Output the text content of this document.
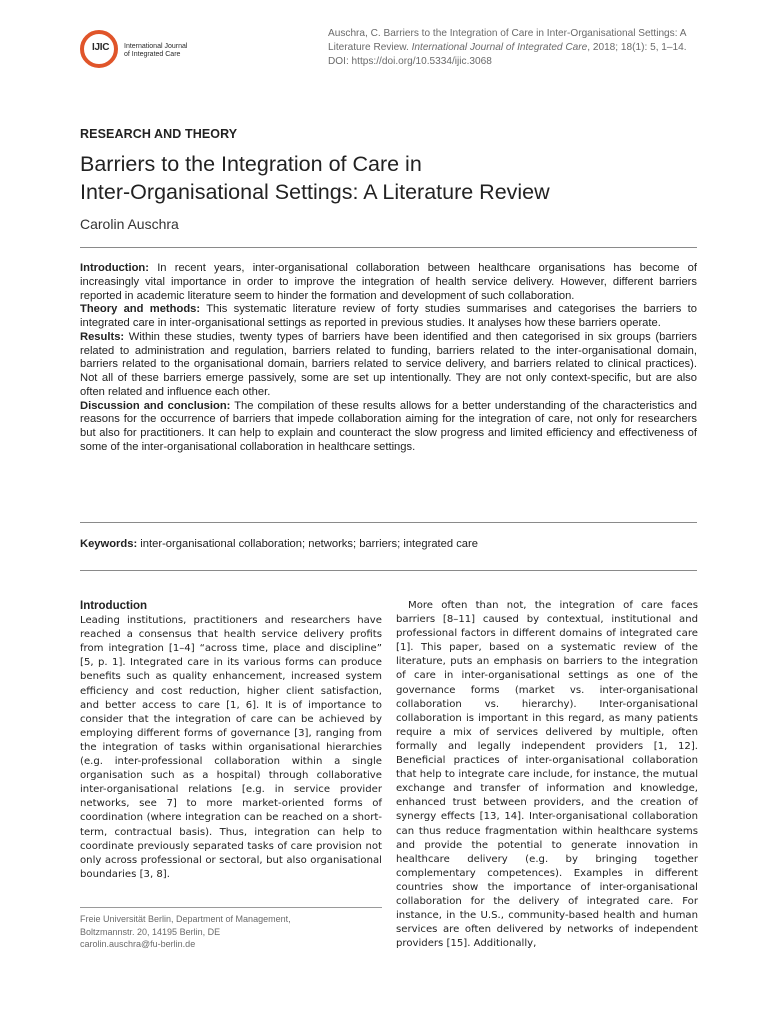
IJIC International Journal
of Integrated Care
Auschra, C. Barriers to the Integration of Care in Inter-Organisational Settings: A Literature Review. International Journal of Integrated Care, 2018; 18(1): 5, 1–14. DOI: https://doi.org/10.5334/ijic.3068
RESEARCH AND THEORY
Barriers to the Integration of Care in
Inter-Organisational Settings: A Literature Review
Carolin Auschra

Introduction: In recent years, inter-organisational collaboration between healthcare organisations has become of increasingly vital importance in order to improve the integration of health service delivery. However, different barriers reported in academic literature seem to hinder the formation and development of such collaboration.

Theory and methods: This systematic literature review of forty studies summarises and categorises the barriers to integrated care in inter-organisational settings as reported in previous studies. It analyses how these barriers operate.

Results: Within these studies, twenty types of barriers have been identified and then categorised in six groups (barriers related to administration and regulation, barriers related to funding, barriers related to the inter-organisational domain, barriers related to the organisational domain, barriers related to service delivery, and barriers related to clinical practices). Not all of these barriers emerge passively, some are set up intentionally. They are not only context-specific, but are also often related and influence each other.

Discussion and conclusion: The compilation of these results allows for a better understanding of the characteristics and reasons for the occurrence of barriers that impede collaboration aiming for the integration of care, not only for researchers but also for practitioners. It can help to explain and counteract the slow progress and limited efficiency and effectiveness of some of the inter-organisational collaboration in healthcare settings.

Keywords: inter-organisational collaboration; networks; barriers; integrated care
Introduction

Leading institutions, practitioners and researchers have reached a consensus that health service delivery profits from integration [1–4] “across time, place and discipline” [5, p. 1]. Integrated care in its various forms can produce benefits such as quality enhancement, increased system efficiency and cost reduction, higher client satisfaction, and better access to care [1, 6]. It is of importance to consider that the integration of care can be achieved by employing different forms of governance [3], ranging from the integration of tasks within organisational hierarchies (e.g. inter-professional collaboration within a single organisation such as a hospital) through collaborative inter-organisational relations [e.g. in service provider networks, see 7] to more market-oriented forms of coordination (where integration can be reached on a short-term, contractual basis). Thus, integration can help to coordinate previously separated tasks of care provision not only across professional or sectoral, but also organisational boundaries [3, 8].

More often than not, the integration of care faces barriers [8–11] caused by contextual, institutional and professional factors in different domains of integrated care [1]. This paper, based on a systematic review of the literature, puts an emphasis on barriers to the integration of care in inter-organisational settings as one of the governance forms (market vs. inter-organisational collaboration vs. hierarchy). Inter-organisational collaboration is important in this regard, as many patients require a mix of services delivered by multiple, often formally and legally independent providers [1, 12]. Beneficial practices of inter-organisational collaboration that help to integrate care include, for instance, the mutual exchange and transfer of information and knowledge, enhanced trust between providers, and the creation of synergy effects [13, 14]. Inter-organisational collaboration can thus reduce fragmentation within healthcare systems and provide the potential to generate innovation in healthcare delivery (e.g. by bringing together complementary competences). Examples in different countries show the importance of inter-organisational collaboration for the delivery of integrated care. For instance, in the U.S., community-based health and human services are often delivered by networks of independent providers [15]. Additionally,

Freie Universität Berlin, Department of Management,
Boltzmannstr. 20, 14195 Berlin, DE
carolin.auschra@fu-berlin.de
